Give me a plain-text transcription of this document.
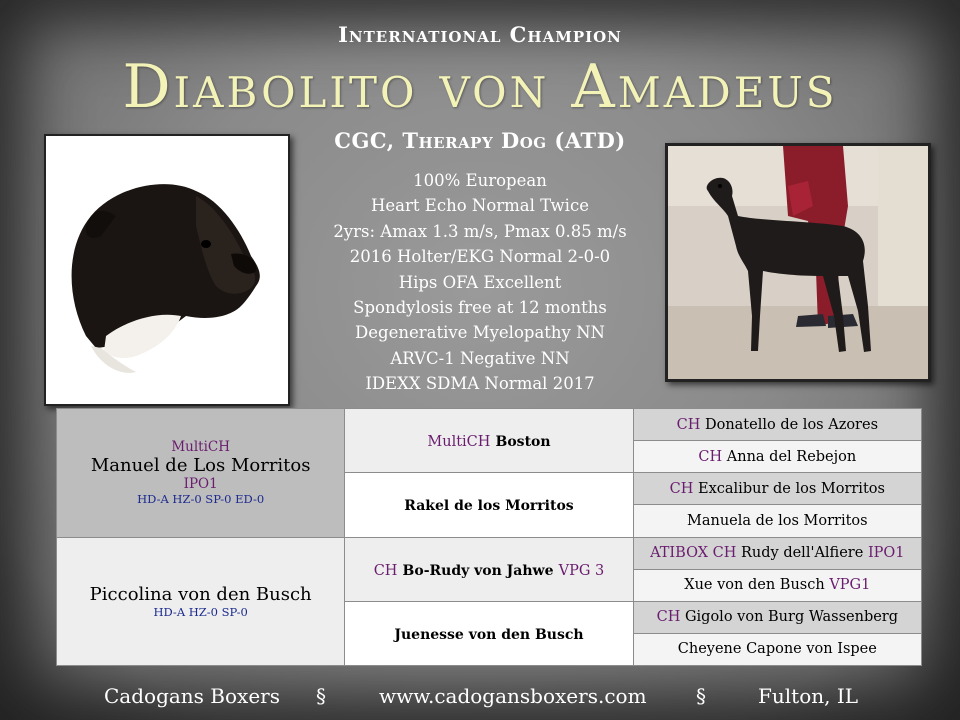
International Champion
Diabolito von Amadeus
CGC, Therapy Dog (ATD)
100% European
Heart Echo Normal Twice
2yrs: Amax 1.3 m/s, Pmax 0.85 m/s
2016 Holter/EKG Normal 2-0-0
Hips OFA Excellent
Spondylosis free at 12 months
Degenerative Myelopathy NN
ARVC-1 Negative NN
IDEXX SDMA Normal 2017
MultiCH
Manuel de Los Morritos
IPO1
HD-A HZ-0 SP-0 ED-0	MultiCH Boston	CH Donatello de los Azores
		CH Anna del Rebejon
	Rakel de los Morritos	CH Excalibur de los Morritos
		Manuela de los Morritos

Piccolina von den Busch
HD-A HZ-0 SP-0	CH Bo-Rudy von Jahwe VPG 3	ATIBOX CH Rudy dell'Alfiere IPO1
		Xue von den Busch VPG1
	Juenesse von den Busch	CH Gigolo von Burg Wassenberg
		Cheyene Capone von Ispee
Cadogans Boxers §	www.cadogansboxers.com §	Fulton, IL
